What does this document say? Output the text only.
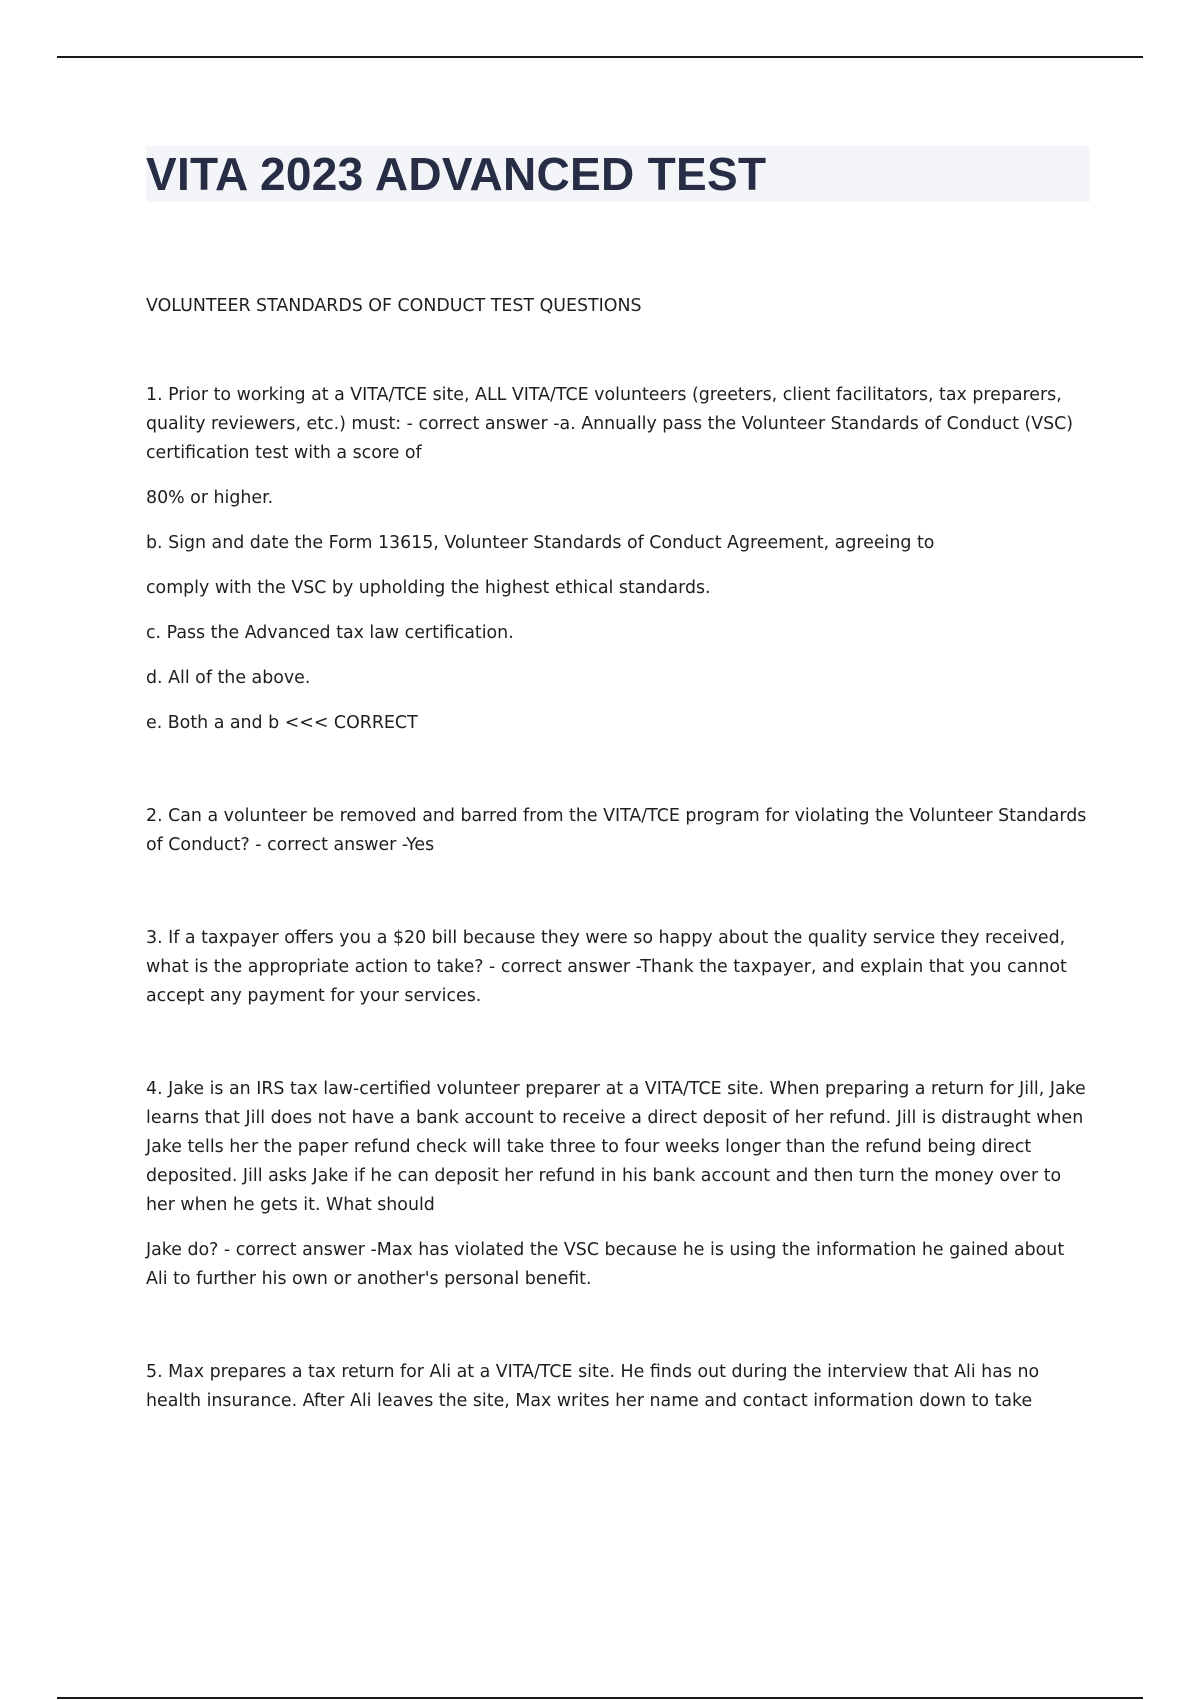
VITA 2023 ADVANCED TEST

VOLUNTEER STANDARDS OF CONDUCT TEST QUESTIONS

1. Prior to working at a VITA/TCE site, ALL VITA/TCE volunteers (greeters, client facilitators, tax preparers, quality reviewers, etc.) must: - correct answer -a. Annually pass the Volunteer Standards of Conduct (VSC) certification test with a score of

80% or higher.

b. Sign and date the Form 13615, Volunteer Standards of Conduct Agreement, agreeing to

comply with the VSC by upholding the highest ethical standards.

c. Pass the Advanced tax law certification.

d. All of the above.

e. Both a and b <<< CORRECT

2. Can a volunteer be removed and barred from the VITA/TCE program for violating the Volunteer Standards of Conduct? - correct answer -Yes

3. If a taxpayer offers you a $20 bill because they were so happy about the quality service they received, what is the appropriate action to take? - correct answer -Thank the taxpayer, and explain that you cannot accept any payment for your services.

4. Jake is an IRS tax law-certified volunteer preparer at a VITA/TCE site. When preparing a return for Jill, Jake learns that Jill does not have a bank account to receive a direct deposit of her refund. Jill is distraught when Jake tells her the paper refund check will take three to four weeks longer than the refund being direct deposited. Jill asks Jake if he can deposit her refund in his bank account and then turn the money over to her when he gets it. What should

Jake do? - correct answer -Max has violated the VSC because he is using the information he gained about Ali to further his own or another's personal benefit.

5. Max prepares a tax return for Ali at a VITA/TCE site. He finds out during the interview that Ali has no health insurance. After Ali leaves the site, Max writes her name and contact information down to take
